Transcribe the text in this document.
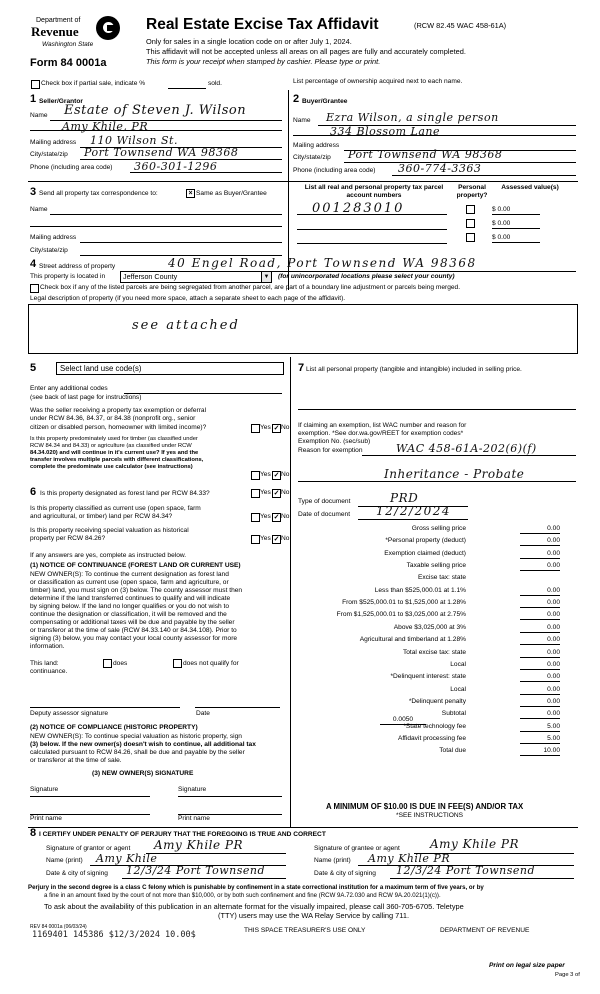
Department of
Revenue
Washington State
Form 84 0001a
Real Estate Excise Tax Affidavit	(RCW 82.45 WAC 458-61A)
Only for sales in a single location code on or after July 1, 2024.
This affidavit will not be accepted unless all areas on all pages are fully and accurately completed.
This form is your receipt when stamped by cashier. Please type or print.
Check box if partial sale, indicate %	sold.	List percentage of ownership acquired next to each name.
1 Seller/Grantor
Name Estate of Steven J. Wilson
Amy Khile, PR
Mailing address 110 Wilson St.
City/state/zip Port Townsend WA 98368
Phone (including area code) 360-301-1296
2 Buyer/Grantee
Name Ezra Wilson, a single person
334 Blossom Lane
Mailing address
City/state/zip Port Townsend WA 98368
Phone (including area code) 360-774-3363
3 Send all property tax correspondence to:	× Same as Buyer/Grantee
Name
Mailing address
City/state/zip
List all real and personal property tax parcel account numbers
Personal property?
Assessed value(s)
001283010	$ 0.00
$ 0.00
$ 0.00
4 Street address of property	40 Engel Road, Port Townsend WA 98368
This property is located in Jefferson County	▼ (for unincorporated locations please select your county)
Check box if any of the listed parcels are being segregated from another parcel, are part of a boundary line adjustment or parcels being merged.
Legal description of property (if you need more space, attach a separate sheet to each page of the affidavit).
see attached
5	Select land use code(s)
Enter any additional codes
(see back of last page for instructions)
Was the seller receiving a property tax exemption or deferral
under RCW 84.36, 84.37, or 84.38 (nonprofit org., senior
citizen or disabled person, homeowner with limited income)?	Yes ✓ No
Is this property predominately used for timber (as classified under
RCW 84.34 and 84.33) or agriculture (as classified under RCW
84.34.020) and will continue in it's current use? If yes and the
transfer involves multiple parcels with different classifications,
complete the predominate use calculator (see instructions)
Yes ✓ No
6 Is this property designated as forest land per RCW 84.33?	Yes ✓ No
Is this property classified as current use (open space, farm
and agricultural, or timber) land per RCW 84.34?	Yes ✓ No
Is this property receiving special valuation as historical
property per RCW 84.26?	Yes ✓ No
If any answers are yes, complete as instructed below.
(1) NOTICE OF CONTINUANCE (FOREST LAND OR CURRENT USE)
NEW OWNER(S): To continue the current designation as forest land
or classification as current use (open space, farm and agriculture, or
timber) land, you must sign on (3) below. The county assessor must then
determine if the land transferred continues to qualify and will indicate
by signing below. If the land no longer qualifies or you do not wish to
continue the designation or classification, it will be removed and the
compensating or additional taxes will be due and payable by the seller
or transferor at the time of sale (RCW 84.33.140 or 84.34.108). Prior to
signing (3) below, you may contact your local county assessor for more
information.
This land:
continuance.
does	does not qualify for
Deputy assessor signature	Date
(2) NOTICE OF COMPLIANCE (HISTORIC PROPERTY)
NEW OWNER(S): To continue special valuation as historic property, sign
(3) below. If the new owner(s) doesn't wish to continue, all additional tax
calculated pursuant to RCW 84.26, shall be due and payable by the seller
or transferor at the time of sale.
(3) NEW OWNER(S) SIGNATURE
Signature	Signature
Print name	Print name
7 List all personal property (tangible and intangible) included in selling price.
If claiming an exemption, list WAC number and reason for
exemption. *See dor.wa.gov/REET for exemption codes*
Exemption No. (sec/sub)
Reason for exemption	WAC 458-61A-202(6)(f)
Inheritance - Probate
Type of document	PRD
Date of document 12/2/2024
Gross selling price	0.00
*Personal property (deduct)	0.00
Exemption claimed (deduct)	0.00
Taxable selling price	0.00
Excise tax: state
Less than $525,000.01 at 1.1%	0.00
From $525,000.01 to $1,525,000 at 1.28%	0.00
From $1,525,000.01 to $3,025,000 at 2.75%	0.00
Above $3,025,000 at 3%	0.00
Agricultural and timberland at 1.28%	0.00
Total excise tax: state	0.00
Local	0.00
*Delinquent interest: state	0.00
Local	0.00
*Delinquent penalty	0.00
Subtotal	0.00
*State technology fee	5.00
Affidavit processing fee	5.00
Total due	10.00
0.0050
A MINIMUM OF $10.00 IS DUE IN FEE(S) AND/OR TAX
*SEE INSTRUCTIONS
8 I CERTIFY UNDER PENALTY OF PERJURY THAT THE FOREGOING IS TRUE AND CORRECT
Signature of grantor or agent Amy Khile PR
Name (print) Amy Khile
Date & city of signing 12/3/24 Port Townsend
Signature of grantee or agent	Amy Khile PR
Name (print) Amy Khile PR
Date & city of signing 12/3/24 Port Townsend
Perjury in the second degree is a class C felony which is punishable by confinement in a state correctional institution for a maximum term of five years, or by
a fine in an amount fixed by the court of not more than $10,000, or by both such confinement and fine (RCW 9A.72.030 and RCW 9A.20.021(1)(c)).
To ask about the availability of this publication in an alternate format for the visually impaired, please call 360-705-6705. Teletype
(TTY) users may use the WA Relay Service by calling 711.
REV 84 0001a (06/03/24)
1169401 145386 $12/3/2024 10.00$	THIS SPACE TREASURER'S USE ONLY	DEPARTMENT OF REVENUE
Print on legal size paper
Page 3 of
